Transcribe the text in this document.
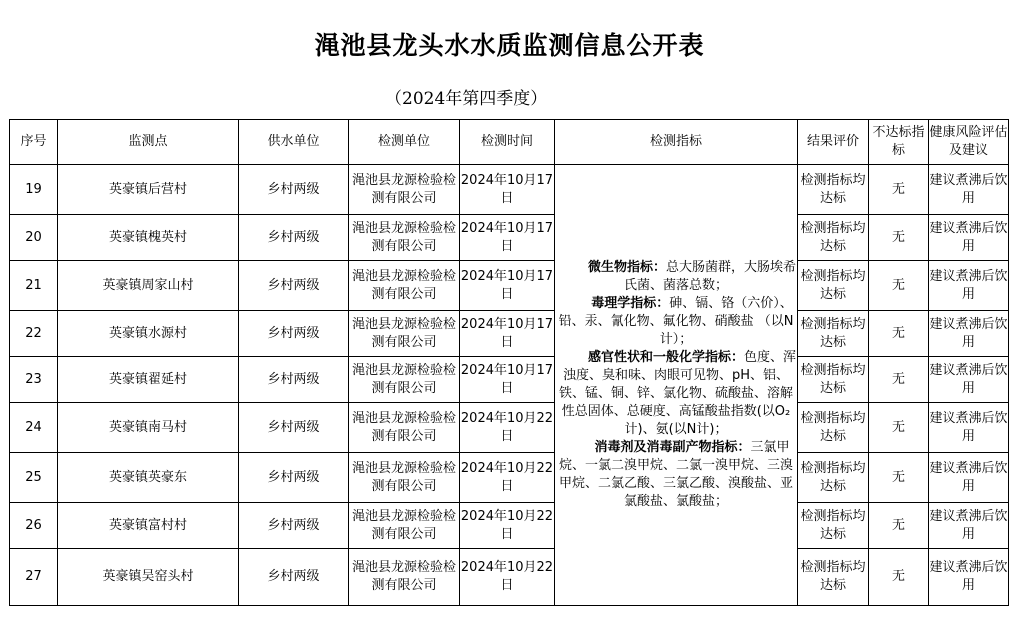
渑池县龙头水水质监测信息公开表
（2024年第四季度）
序号	监测点	供水单位	检测单位	检测时间	检测指标	结果评价	不达标指标	健康风险评估及建议
19	英豪镇后营村	乡村两级	渑池县龙源检验检测有限公司	2024年10月17日	微生物指标：总大肠菌群，大肠埃希氏菌、菌落总数；
毒理学指标：砷、镉、铬（六价）、铅、汞、氰化物、氟化物、硝酸盐 （以N计）；
感官性状和一般化学指标：色度、浑浊度、臭和味、肉眼可见物、pH、铝、铁、锰、铜、锌、氯化物、硫酸盐、溶解性总固体、总硬度、高锰酸盐指数(以O₂计)、氨(以N计)；
消毒剂及消毒副产物指标：三氯甲烷、一氯二溴甲烷、二氯一溴甲烷、三溴甲烷、二氯乙酸、三氯乙酸、溴酸盐、亚氯酸盐、氯酸盐；	检测指标均达标	无	建议煮沸后饮用
20	英豪镇槐英村	乡村两级	渑池县龙源检验检测有限公司	2024年10月17日		检测指标均达标	无	建议煮沸后饮用
21	英豪镇周家山村	乡村两级	渑池县龙源检验检测有限公司	2024年10月17日		检测指标均达标	无	建议煮沸后饮用
22	英豪镇水源村	乡村两级	渑池县龙源检验检测有限公司	2024年10月17日		检测指标均达标	无	建议煮沸后饮用
23	英豪镇翟延村	乡村两级	渑池县龙源检验检测有限公司	2024年10月17日		检测指标均达标	无	建议煮沸后饮用
24	英豪镇南马村	乡村两级	渑池县龙源检验检测有限公司	2024年10月22日		检测指标均达标	无	建议煮沸后饮用
25	英豪镇英豪东	乡村两级	渑池县龙源检验检测有限公司	2024年10月22日		检测指标均达标	无	建议煮沸后饮用
26	英豪镇富村村	乡村两级	渑池县龙源检验检测有限公司	2024年10月22日		检测指标均达标	无	建议煮沸后饮用
27	英豪镇吴窑头村	乡村两级	渑池县龙源检验检测有限公司	2024年10月22日		检测指标均达标	无	建议煮沸后饮用
